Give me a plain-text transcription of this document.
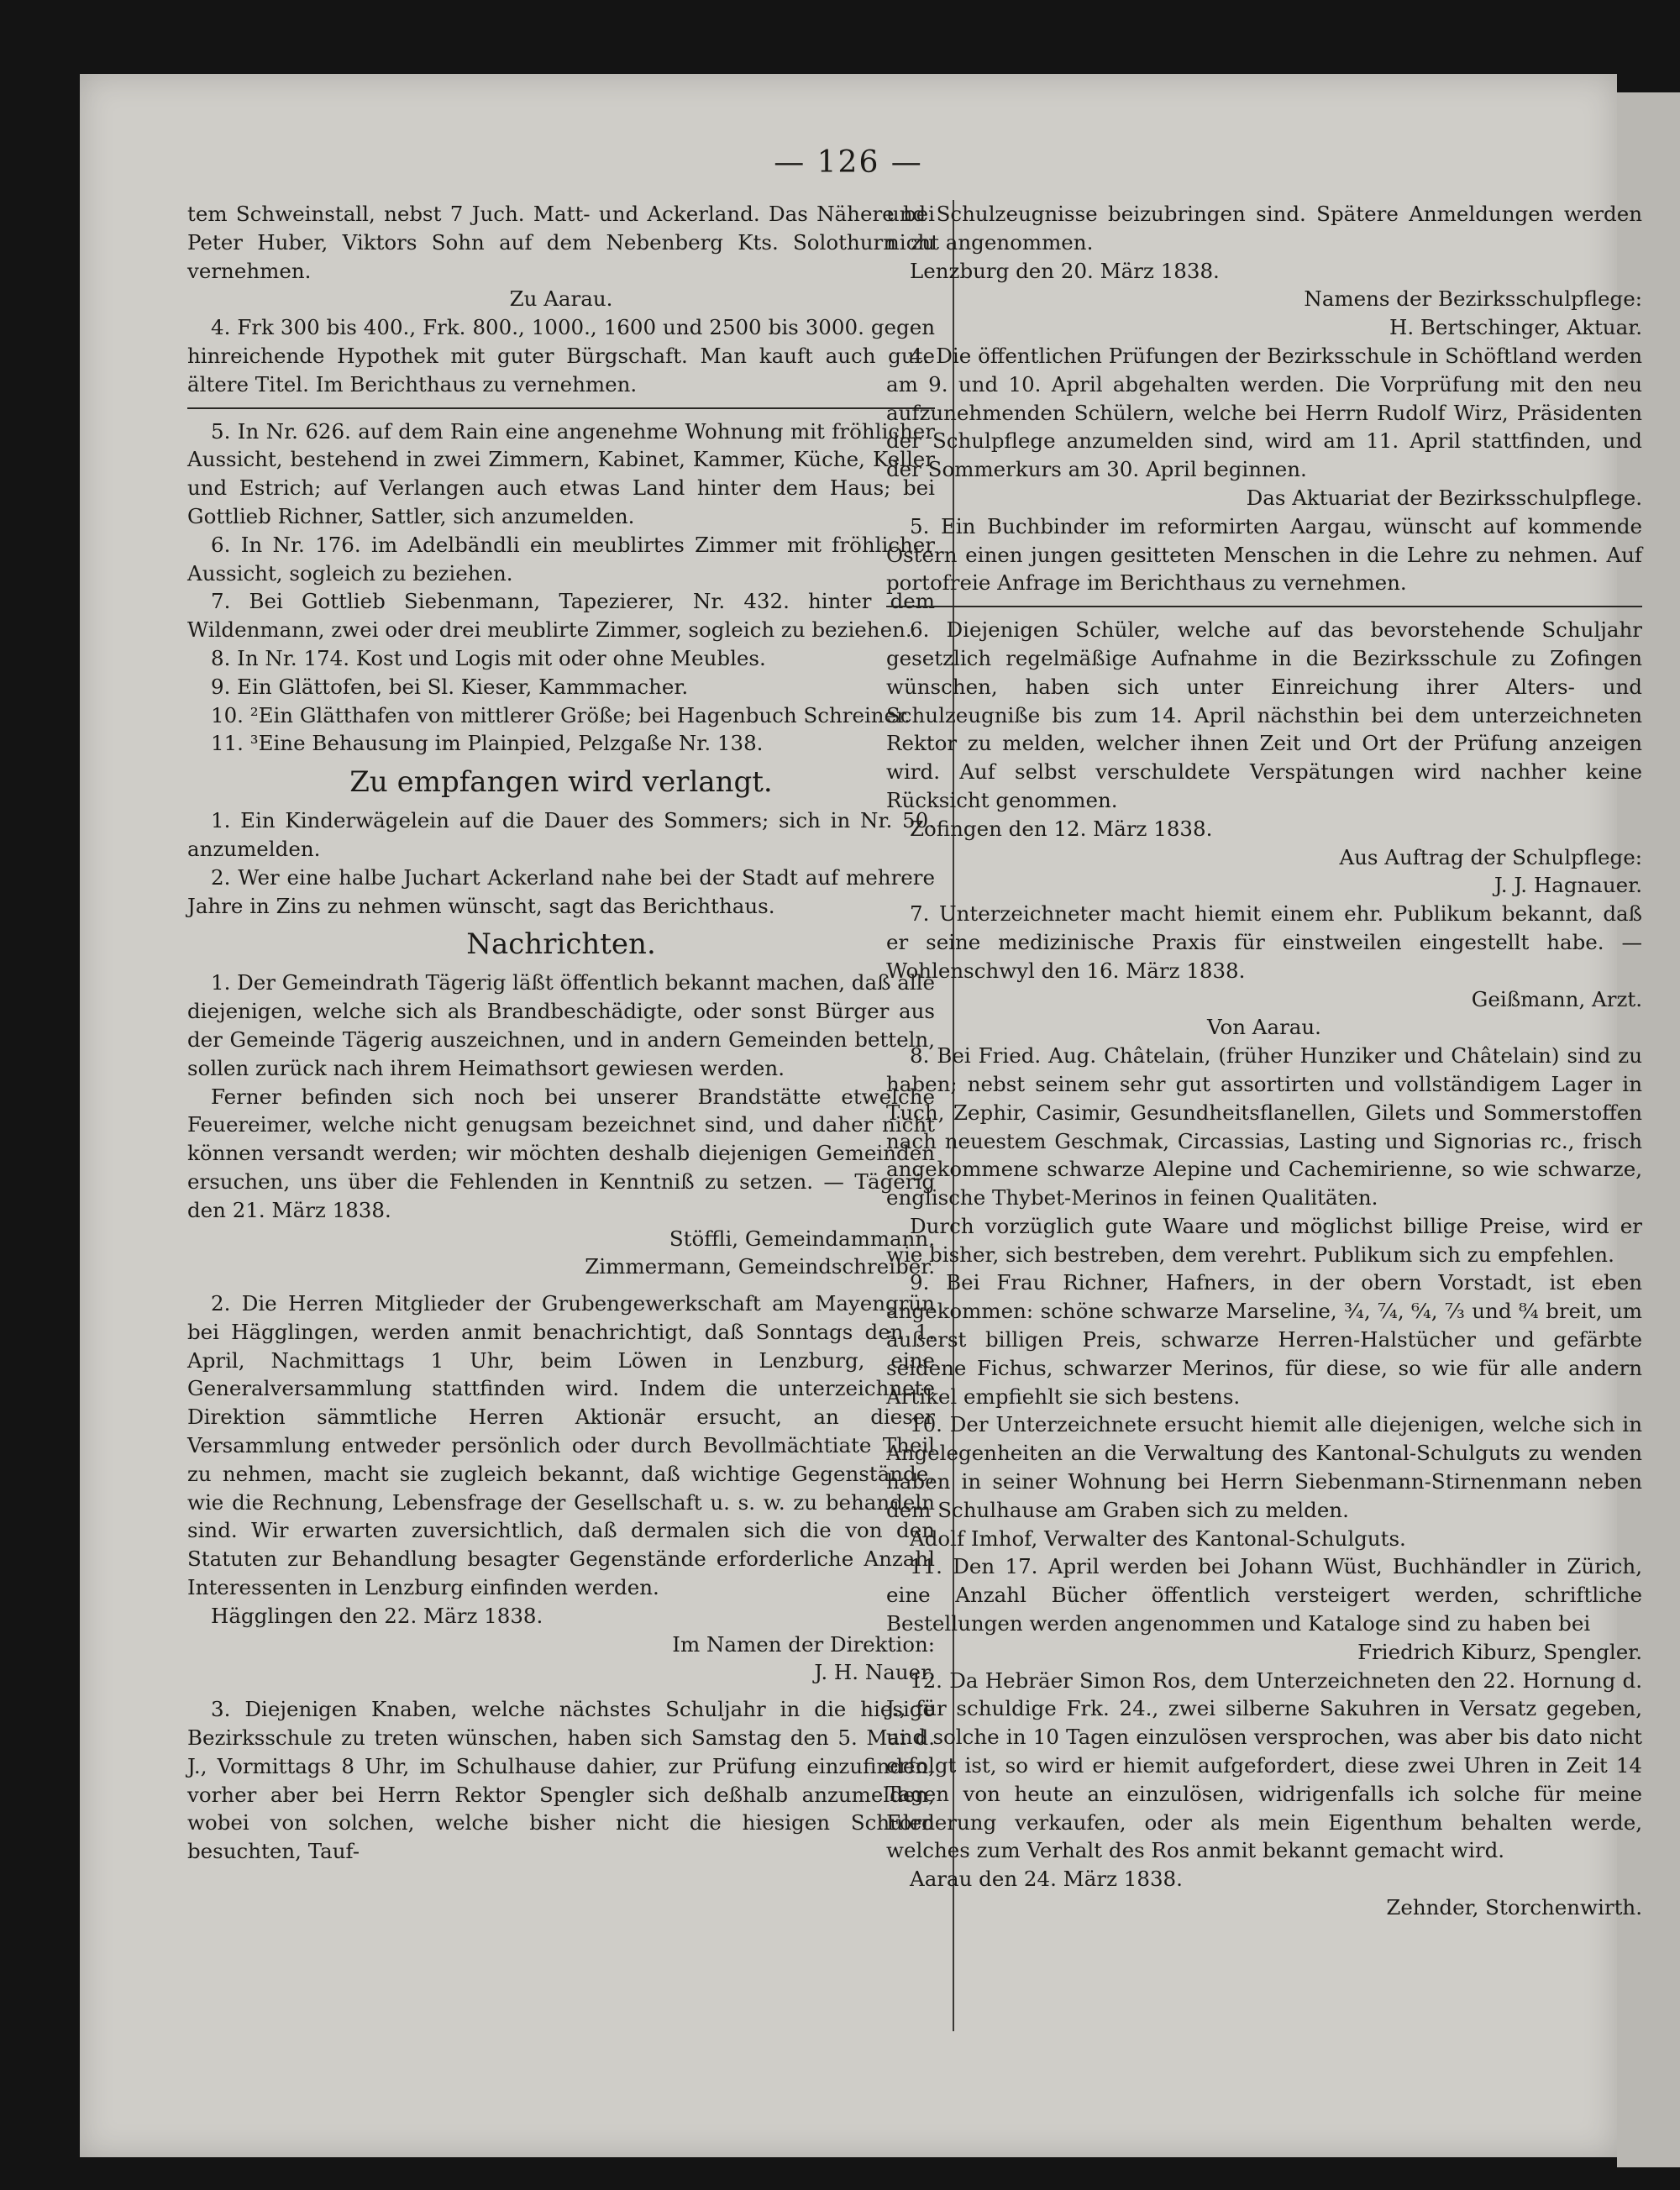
— 126 —

tem Schweinstall, nebst 7 Juch. Matt- und Ackerland. Das Nähere bei Peter Huber, Viktors Sohn auf dem Nebenberg Kts. Solothurn zu vernehmen.

Zu Aarau.

4. Frk 300 bis 400., Frk. 800., 1000., 1600 und 2500 bis 3000. gegen hinreichende Hypothek mit guter Bürgschaft. Man kauft auch gute ältere Titel. Im Berichthaus zu vernehmen.

5. In Nr. 626. auf dem Rain eine angenehme Wohnung mit fröhlicher Aussicht, bestehend in zwei Zimmern, Kabinet, Kammer, Küche, Keller und Estrich; auf Verlangen auch etwas Land hinter dem Haus; bei Gottlieb Richner, Sattler, sich anzumelden.

6. In Nr. 176. im Adelbändli ein meublirtes Zimmer mit fröhlicher Aussicht, sogleich zu beziehen.

7. Bei Gottlieb Siebenmann, Tapezierer, Nr. 432. hinter dem Wildenmann, zwei oder drei meublirte Zimmer, sogleich zu beziehen.

8. In Nr. 174. Kost und Logis mit oder ohne Meubles.

9. Ein Glättofen, bei Sl. Kieser, Kammmacher.

10. ²Ein Glätthafen von mittlerer Größe; bei Hagenbuch Schreiner.

11. ³Eine Behausung im Plainpied, Pelzgaße Nr. 138.

Zu empfangen wird verlangt.

1. Ein Kinderwägelein auf die Dauer des Sommers; sich in Nr. 50. anzumelden.

2. Wer eine halbe Juchart Ackerland nahe bei der Stadt auf mehrere Jahre in Zins zu nehmen wünscht, sagt das Berichthaus.

Nachrichten.

1. Der Gemeindrath Tägerig läßt öffentlich bekannt machen, daß alle diejenigen, welche sich als Brandbeschädigte, oder sonst Bürger aus der Gemeinde Tägerig auszeichnen, und in andern Gemeinden betteln, sollen zurück nach ihrem Heimathsort gewiesen werden.

Ferner befinden sich noch bei unserer Brandstätte etwelche Feuereimer, welche nicht genugsam bezeichnet sind, und daher nicht können versandt werden; wir möchten deshalb diejenigen Gemeinden ersuchen, uns über die Fehlenden in Kenntniß zu setzen. — Tägerig den 21. März 1838.

Stöffli, Gemeindammann.

Zimmermann, Gemeindschreiber.

2. Die Herren Mitglieder der Grubengewerkschaft am Mayengrün bei Hägglingen, werden anmit benachrichtigt, daß Sonntags den 1. April, Nachmittags 1 Uhr, beim Löwen in Lenzburg, eine Generalversammlung stattfinden wird. Indem die unterzeichnete Direktion sämmtliche Herren Aktionär ersucht, an dieser Versammlung entweder persönlich oder durch Bevollmächtiate Theil zu nehmen, macht sie zugleich bekannt, daß wichtige Gegenstände, wie die Rechnung, Lebensfrage der Gesellschaft u. s. w. zu behandeln sind. Wir erwarten zuversichtlich, daß dermalen sich die von den Statuten zur Behandlung besagter Gegenstände erforderliche Anzahl Interessenten in Lenzburg einfinden werden.

Hägglingen den 22. März 1838.

Im Namen der Direktion:

J. H. Nauer.

3. Diejenigen Knaben, welche nächstes Schuljahr in die hiesige Bezirksschule zu treten wünschen, haben sich Samstag den 5. Mai d. J., Vormittags 8 Uhr, im Schulhause dahier, zur Prüfung einzufinden, vorher aber bei Herrn Rektor Spengler sich deßhalb anzumelden, wobei von solchen, welche bisher nicht die hiesigen Schulen besuchten, Tauf-

und Schulzeugnisse beizubringen sind. Spätere Anmeldungen werden nicht angenommen.

Lenzburg den 20. März 1838.

Namens der Bezirksschulpflege:

H. Bertschinger, Aktuar.

4. Die öffentlichen Prüfungen der Bezirksschule in Schöftland werden am 9. und 10. April abgehalten werden. Die Vorprüfung mit den neu aufzunehmenden Schülern, welche bei Herrn Rudolf Wirz, Präsidenten der Schulpflege anzumelden sind, wird am 11. April stattfinden, und der Sommerkurs am 30. April beginnen.

Das Aktuariat der Bezirksschulpflege.

5. Ein Buchbinder im reformirten Aargau, wünscht auf kommende Ostern einen jungen gesitteten Menschen in die Lehre zu nehmen. Auf portofreie Anfrage im Berichthaus zu vernehmen.

6. Diejenigen Schüler, welche auf das bevorstehende Schuljahr gesetzlich regelmäßige Aufnahme in die Bezirksschule zu Zofingen wünschen, haben sich unter Einreichung ihrer Alters- und Schulzeugniße bis zum 14. April nächsthin bei dem unterzeichneten Rektor zu melden, welcher ihnen Zeit und Ort der Prüfung anzeigen wird. Auf selbst verschuldete Verspätungen wird nachher keine Rücksicht genommen.

Zofingen den 12. März 1838.

Aus Auftrag der Schulpflege:

J. J. Hagnauer.

7. Unterzeichneter macht hiemit einem ehr. Publikum bekannt, daß er seine medizinische Praxis für einstweilen eingestellt habe. — Wohlenschwyl den 16. März 1838.

Geißmann, Arzt.

Von Aarau.

8. Bei Fried. Aug. Châtelain, (früher Hunziker und Châtelain) sind zu haben; nebst seinem sehr gut assortirten und vollständigem Lager in Tuch, Zephir, Casimir, Gesundheitsflanellen, Gilets und Sommerstoffen nach neuestem Geschmak, Circassias, Lasting und Signorias rc., frisch angekommene schwarze Alepine und Cachemirienne, so wie schwarze, englische Thybet-Merinos in feinen Qualitäten.

Durch vorzüglich gute Waare und möglichst billige Preise, wird er wie bisher, sich bestreben, dem verehrt. Publikum sich zu empfehlen.

9. Bei Frau Richner, Hafners, in der obern Vorstadt, ist eben angekommen: schöne schwarze Marseline, ¾, ⁷⁄₄, ⁶⁄₄, ⁷⁄₃ und ⁸⁄₄ breit, um äußerst billigen Preis, schwarze Herren-Halstücher und gefärbte seidene Fichus, schwarzer Merinos, für diese, so wie für alle andern Artikel empfiehlt sie sich bestens.

10. Der Unterzeichnete ersucht hiemit alle diejenigen, welche sich in Angelegenheiten an die Verwaltung des Kantonal-Schulguts zu wenden haben in seiner Wohnung bei Herrn Siebenmann-Stirnenmann neben dem Schulhause am Graben sich zu melden.

Adolf Imhof, Verwalter des Kantonal-Schulguts.

11. Den 17. April werden bei Johann Wüst, Buchhändler in Zürich, eine Anzahl Bücher öffentlich versteigert werden, schriftliche Bestellungen werden angenommen und Kataloge sind zu haben bei

Friedrich Kiburz, Spengler.

12. Da Hebräer Simon Ros, dem Unterzeichneten den 22. Hornung d. J., für schuldige Frk. 24., zwei silberne Sakuhren in Versatz gegeben, und solche in 10 Tagen einzulösen versprochen, was aber bis dato nicht erfolgt ist, so wird er hiemit aufgefordert, diese zwei Uhren in Zeit 14 Tagen von heute an einzulösen, widrigenfalls ich solche für meine Forderung verkaufen, oder als mein Eigenthum behalten werde, welches zum Verhalt des Ros anmit bekannt gemacht wird.

Aarau den 24. März 1838.

Zehnder, Storchenwirth.
